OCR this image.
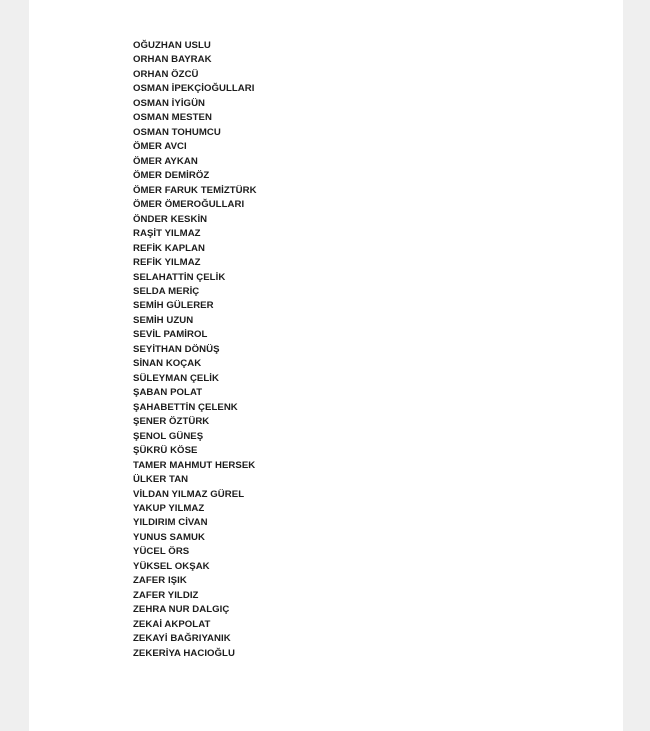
OĞUZHAN USLU
ORHAN BAYRAK
ORHAN ÖZCÜ
OSMAN İPEKÇİOĞULLARI
OSMAN İYİGÜN
OSMAN MESTEN
OSMAN TOHUMCU
ÖMER AVCI
ÖMER AYKAN
ÖMER DEMİRÖZ
ÖMER FARUK TEMİZTÜRK
ÖMER ÖMEROĞULLARI
ÖNDER KESKİN
RAŞİT YILMAZ
REFİK KAPLAN
REFİK YILMAZ
SELAHATTİN ÇELİK
SELDA MERİÇ
SEMİH GÜLERER
SEMİH UZUN
SEVİL PAMİROL
SEYİTHAN DÖNÜŞ
SİNAN KOÇAK
SÜLEYMAN ÇELİK
ŞABAN POLAT
ŞAHABETTİN ÇELENK
ŞENER ÖZTÜRK
ŞENOL GÜNEŞ
ŞÜKRÜ KÖSE
TAMER MAHMUT HERSEK
ÜLKER TAN
VİLDAN YILMAZ GÜREL
YAKUP YILMAZ
YILDIRIM CİVAN
YUNUS SAMUK
YÜCEL ÖRS
YÜKSEL OKŞAK
ZAFER IŞIK
ZAFER YILDIZ
ZEHRA NUR DALGIÇ
ZEKAİ AKPOLAT
ZEKAYİ BAĞRIYANIK
ZEKERİYA HACIOĞLU
